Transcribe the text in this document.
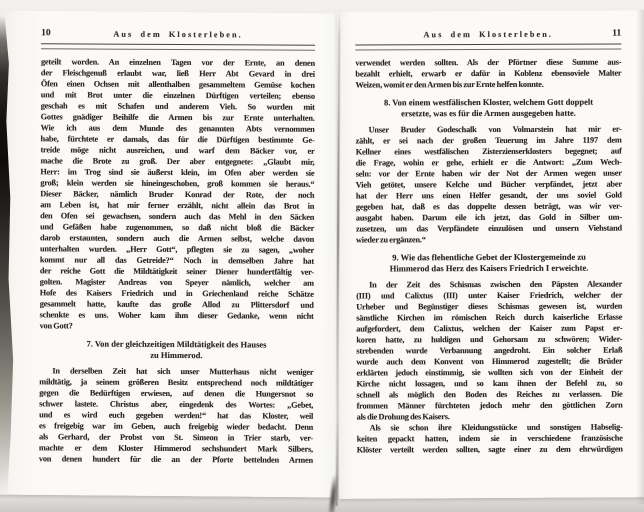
10	Aus dem Klosterleben.
geteilt worden. An einzelnen Tagen vor der Ernte, an denen
der Fleischgenuß erlaubt war, ließ Herr Abt Gevard in drei
Öfen einen Ochsen mit allenthalben gesammeltem Gemüse kochen
und mit Brot unter die einzelnen Dürftigen verteilen; ebenso
geschah es mit Schafen und anderem Vieh. So wurden mit
Gottes gnädiger Beihilfe die Armen bis zur Ernte unterhalten.
Wie ich aus dem Munde des genannten Abts vernommen
habe, fürchtete er damals, das für die Dürftigen bestimmte Ge-
treide möge nicht ausreichen, und warf dem Bäcker vor, er
mache die Brote zu groß. Der aber entgegnete: „Glaubt mir,
Herr: im Trog sind sie äußerst klein, im Ofen aber werden sie
groß; klein werden sie hineingeschoben, groß kommen sie heraus.“
Dieser Bäcker, nämlich Bruder Konrad der Rote, der noch
am Leben ist, hat mir ferner erzählt, nicht allein das Brot in
den Ofen sei gewachsen, sondern auch das Mehl in den Säcken
und Gefäßen habe zugenommen, so daß nicht bloß die Bäcker
darob erstaunten, sondern auch die Armen selbst, welche davon
unterhalten wurden. „Herr Gott“, pflegten sie zu sagen, „woher
kommt nur all das Getreide?“ Noch in demselben Jahre hat
der reiche Gott die Mildtätigkeit seiner Diener hundertfältig ver-
golten. Magister Andreas von Speyer nämlich, welcher am
Hofe des Kaisers Friedrich und in Griechenland reiche Schätze
gesammelt hatte, kaufte das große Allod zu Plittersdorf und
schenkte es uns. Woher kam ihm dieser Gedanke, wenn nicht
von Gott?
7. Von der gleichzeitigen Mildtätigkeit des Hauses
zu Himmerod.
In derselben Zeit hat sich unser Mutterhaus nicht weniger
mildtätig, ja seinem größeren Besitz entsprechend noch mildtätiger
gegen die Bedürftigen erwiesen, auf denen die Hungersnot so
schwer lastete. Christus aber, eingedenk des Wortes: „Gebet,
und es wird euch gegeben werden!“ hat das Kloster, weil
es freigebig war im Geben, auch freigebig wieder bedacht. Denn
als Gerhard, der Probst von St. Simeon in Trier starb, ver-
machte er dem Kloster Himmerod sechshundert Mark Silbers,
von denen hundert für die an der Pforte bettelnden Armen
Aus dem Klosterleben.	11
verwendet werden sollten. Als der Pförtner diese Summe aus-
bezahlt erhielt, erwarb er dafür in Koblenz ebensoviele Malter
Weizen, womit er den Armen bis zur Ernte helfen konnte.
8. Von einem westfälischen Kloster, welchem Gott doppelt
ersetzte, was es für die Armen ausgegeben hatte.
Unser Bruder Godeschalk von Volmarstein hat mir er-
zählt, er sei nach der großen Teuerung im Jahre 1197 dem
Kellner eines westfälischen Zisterzienserklosters begegnet; auf
die Frage, wohin er gehe, erhielt er die Antwort: „Zum Wech-
seln: vor der Ernte haben wir der Not der Armen wegen unser
Vieh getötet, unsere Kelche und Bücher verpfändet, jetzt aber
hat der Herr uns einen Helfer gesandt, der uns soviel Gold
gegeben hat, daß es das doppelte dessen beträgt, was wir ver-
ausgabt haben. Darum eile ich jetzt, das Gold in Silber um-
zusetzen, um das Verpfändete einzulösen und unsern Viehstand
wieder zu ergänzen.“
9. Wie das flehentliche Gebet der Klostergemeinde zu
Himmerod das Herz des Kaisers Friedrich I erweichte.
In der Zeit des Schismas zwischen den Päpsten Alexander
(III) und Calixtus (III) unter Kaiser Friedrich, welcher der
Urheber und Begünstiger dieses Schismas gewesen ist, wurden
sämtliche Kirchen im römischen Reich durch kaiserliche Erlasse
aufgefordert, dem Calixtus, welchen der Kaiser zum Papst er-
koren hatte, zu huldigen und Gehorsam zu schwören; Wider-
strebenden wurde Verbannung angedroht. Ein solcher Erlaß
wurde auch dem Konvent von Himmerod zugestellt; die Brüder
erklärten jedoch einstimmig, sie wollten sich von der Einheit der
Kirche nicht lossagen, und so kam ihnen der Befehl zu, so
schnell als möglich den Boden des Reiches zu verlassen. Die
frommen Männer fürchteten jedoch mehr den göttlichen Zorn
als die Drohung des Kaisers.
Als sie schon ihre Kleidungsstücke und sonstigen Habselig-
keiten gepackt hatten, indem sie in verschiedene französische
Klöster verteilt werden sollten, sagte einer zu dem ehrwürdigen
